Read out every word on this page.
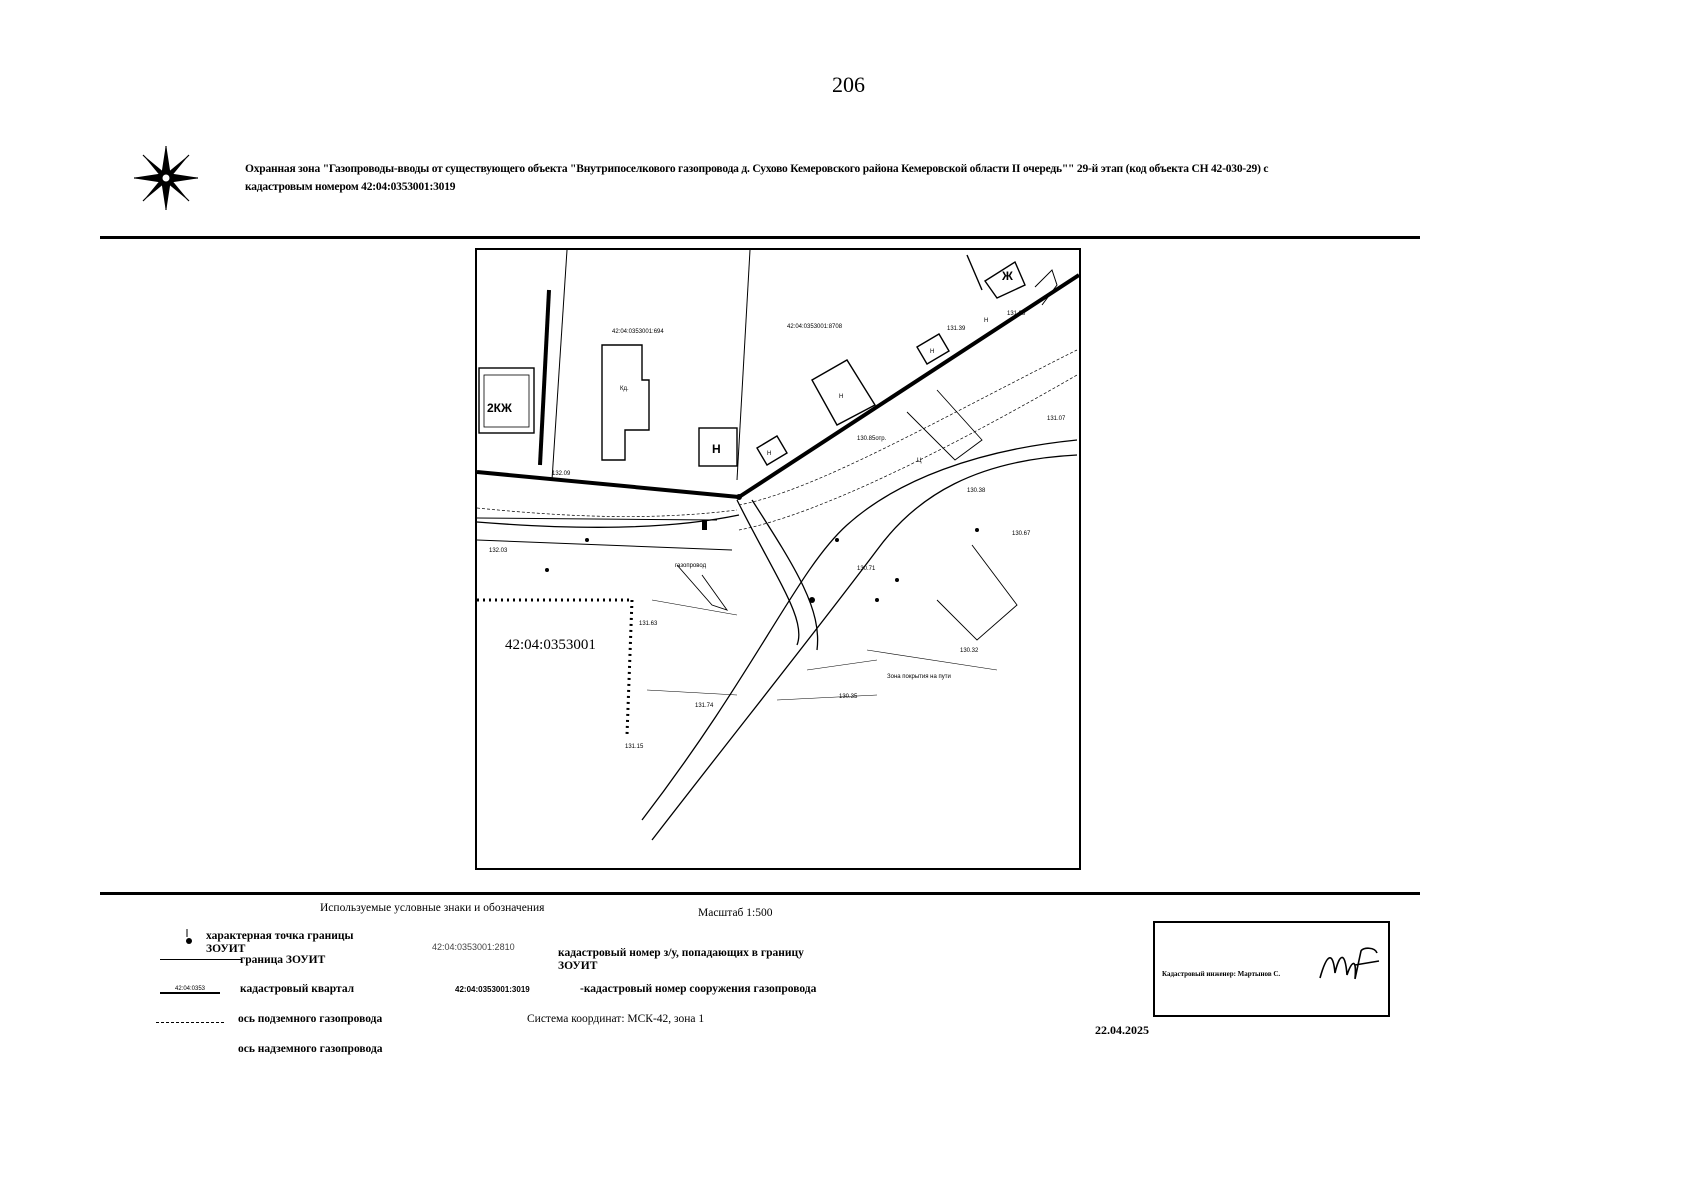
206
Охранная зона "Газопроводы-вводы от существующего объекта "Внутрипоселкового газопровода д. Сухово Кемеровского района Кемеровской области II очередь"" 29-й этап (код объекта СН 42-030-29) с кадастровым номером 42:04:0353001:3019
42:04:0353001:694
42:04:0353001:8708
2КЖ
Кд.
Н
Н
Н
Н
Н
Ж
Ц
131.38
131.39
131.07
132.03
130.38
130.67
130.71
131.63
130.32
131.74
130.35
131.15
132.09
130.85отр.
газопровод
Зона покрытия на пути
42:04:0353001
Используемые условные знаки и обозначения	Масштаб 1:500
характерная точка границы ЗОУИТ
граница ЗОУИТ
42:04:0353	кадастровый квартал
ось подземного газопровода
ось надземного газопровода
42:04:0353001:2810	кадастровый номер з/у, попадающих в границу ЗОУИТ
42:04:0353001:3019	-кадастровый номер сооружения газопровода
Система координат: МСК-42, зона 1
Кадастровый инженер: Мартынов С.
22.04.2025
